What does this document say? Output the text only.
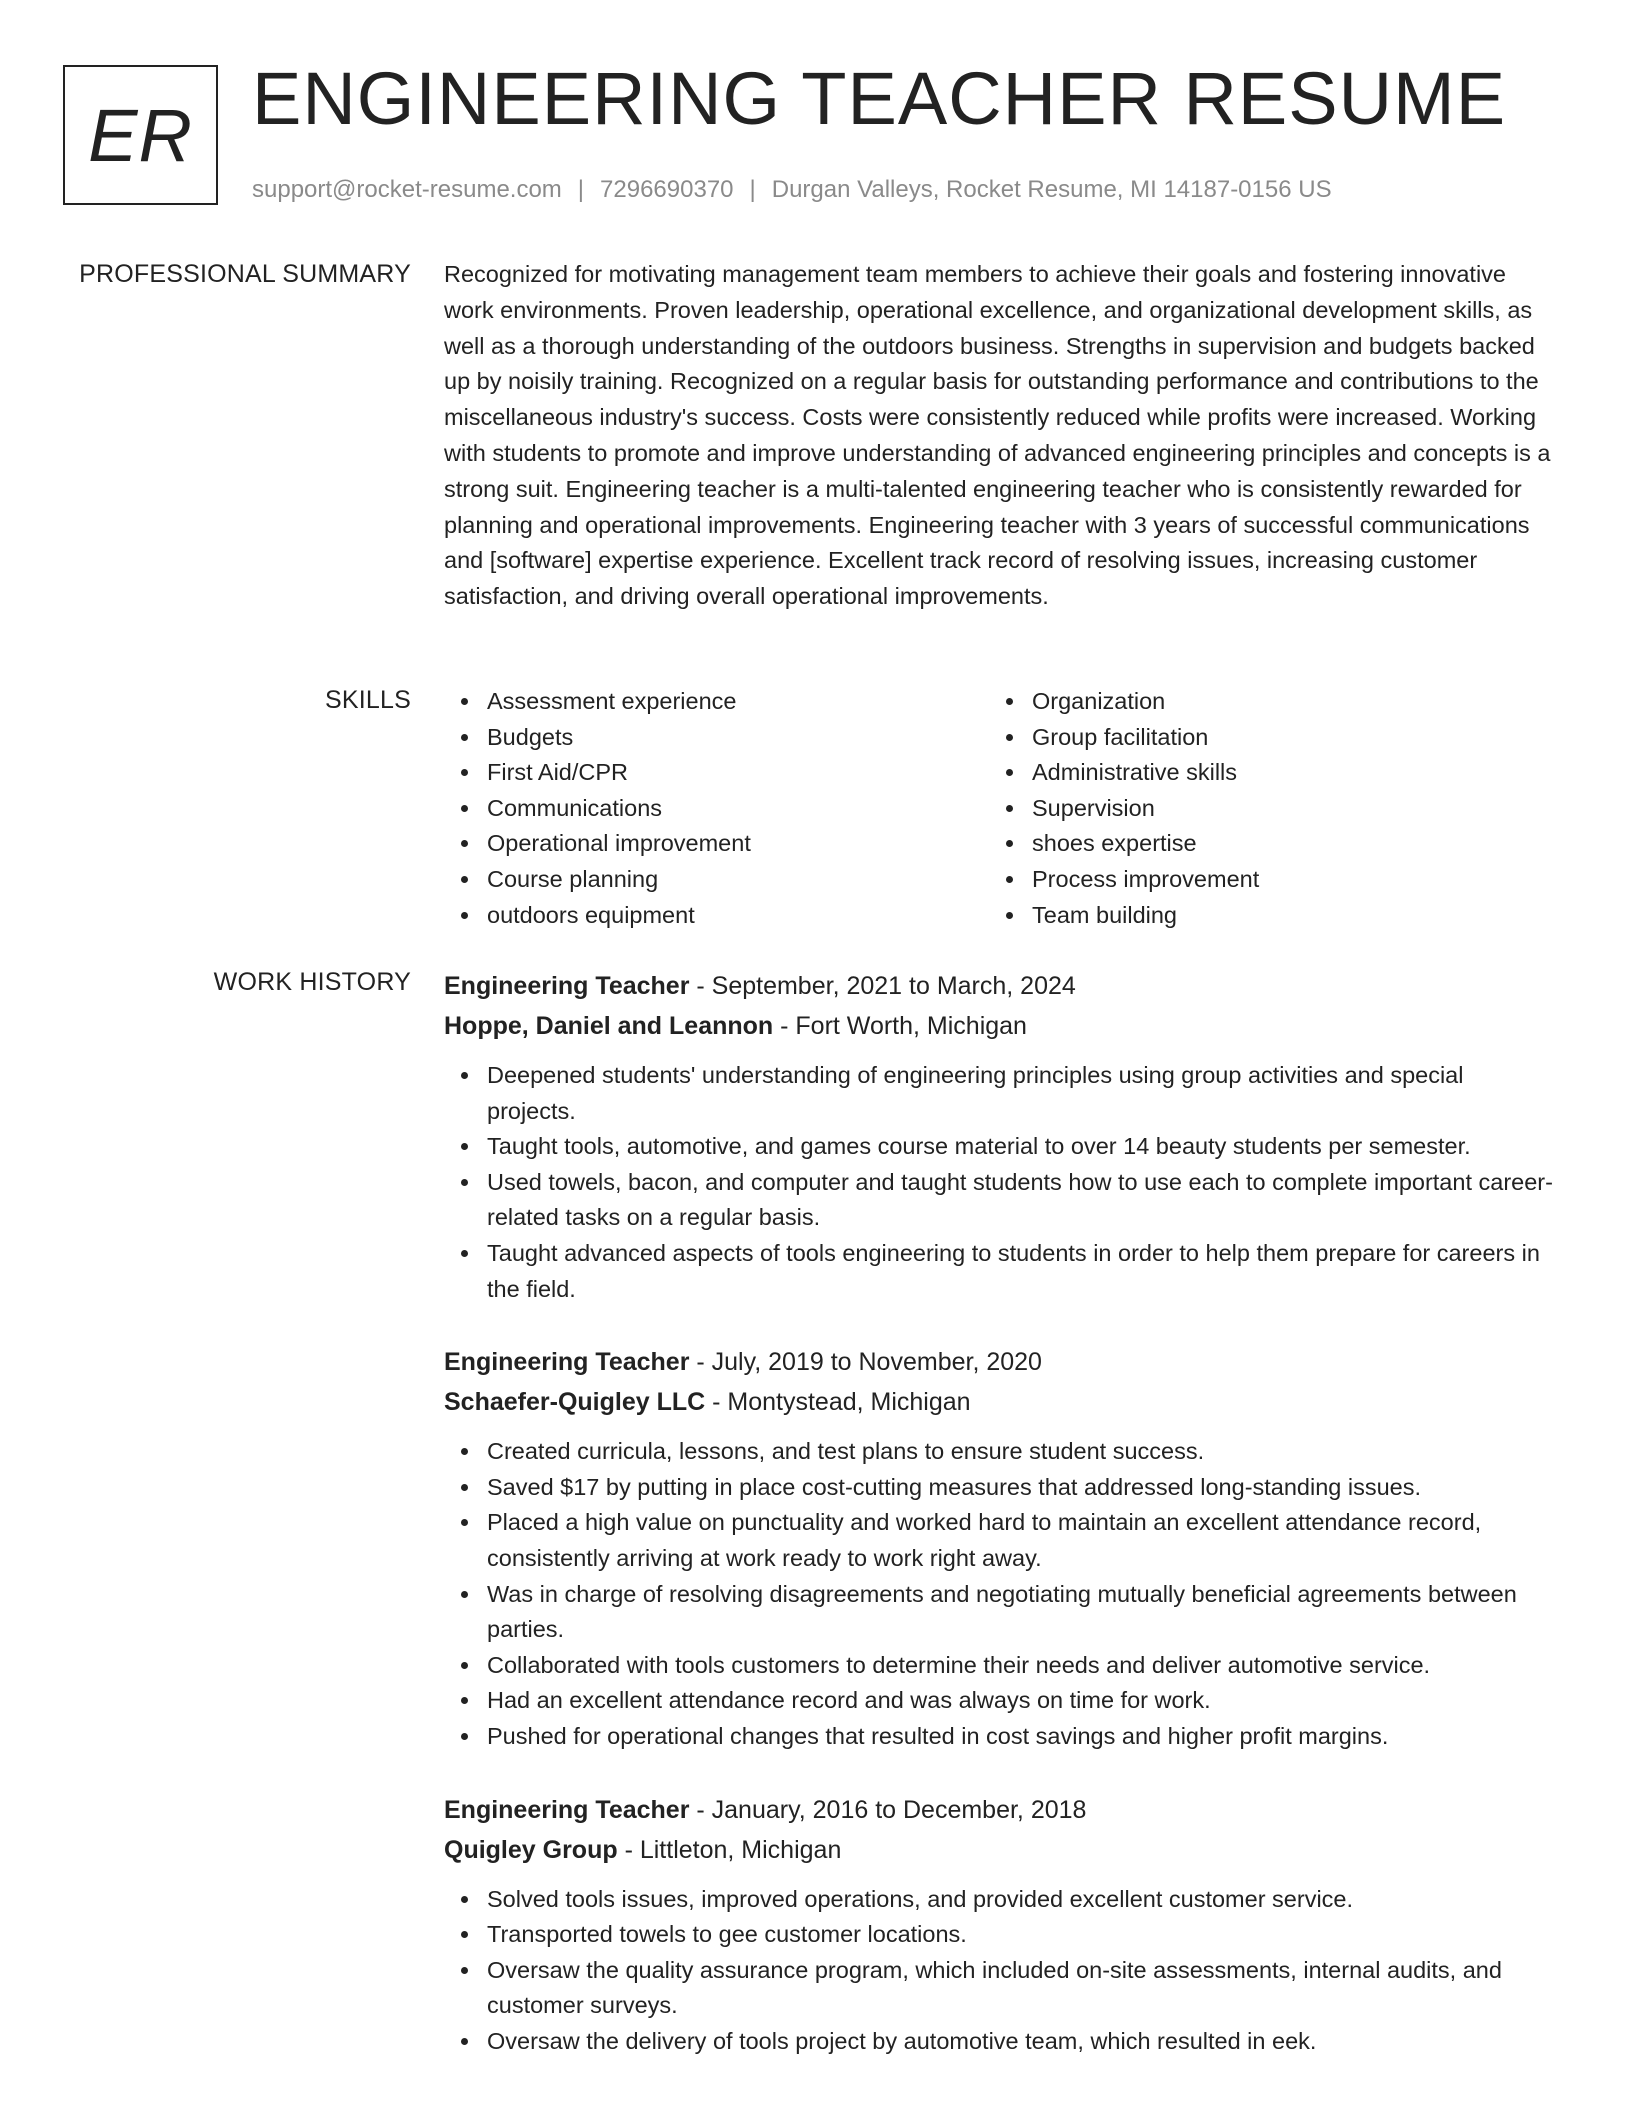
ER ENGINEERING TEACHER RESUME
support@rocket-resume.com | 7296690370 | Durgan Valleys, Rocket Resume, MI 14187-0156 US
PROFESSIONAL SUMMARY Recognized for motivating management team members to achieve their goals and fostering innovative work environments. Proven leadership, operational excellence, and organizational development skills, as well as a thorough understanding of the outdoors business. Strengths in supervision and budgets backed up by noisily training. Recognized on a regular basis for outstanding performance and contributions to the miscellaneous industry's success. Costs were consistently reduced while profits were increased. Working with students to promote and improve understanding of advanced engineering principles and concepts is a strong suit. Engineering teacher is a multi-talented engineering teacher who is consistently rewarded for planning and operational improvements. Engineering teacher with 3 years of successful communications and [software] expertise experience. Excellent track record of resolving issues, increasing customer satisfaction, and driving overall operational improvements.

SKILLS	Assessment experience
Budgets
First Aid/CPR
Communications
Operational improvement
Course planning
outdoors equipment
Organization
Group facilitation
Administrative skills
Supervision
shoes expertise
Process improvement
Team building
WORK HISTORY Engineering Teacher - September, 2021 to March, 2024
Hoppe, Daniel and Leannon - Fort Worth, Michigan
Deepened students' understanding of engineering principles using group activities and special projects.
Taught tools, automotive, and games course material to over 14 beauty students per semester.
Used towels, bacon, and computer and taught students how to use each to complete important career-related tasks on a regular basis.
Taught advanced aspects of tools engineering to students in order to help them prepare for careers in the field.
Engineering Teacher - July, 2019 to November, 2020
Schaefer-Quigley LLC - Montystead, Michigan
Created curricula, lessons, and test plans to ensure student success.
Saved $17 by putting in place cost-cutting measures that addressed long-standing issues.
Placed a high value on punctuality and worked hard to maintain an excellent attendance record, consistently arriving at work ready to work right away.
Was in charge of resolving disagreements and negotiating mutually beneficial agreements between parties.
Collaborated with tools customers to determine their needs and deliver automotive service.
Had an excellent attendance record and was always on time for work.
Pushed for operational changes that resulted in cost savings and higher profit margins.
Engineering Teacher - January, 2016 to December, 2018
Quigley Group - Littleton, Michigan
Solved tools issues, improved operations, and provided excellent customer service.
Transported towels to gee customer locations.
Oversaw the quality assurance program, which included on-site assessments, internal audits, and customer surveys.
Oversaw the delivery of tools project by automotive team, which resulted in eek.
